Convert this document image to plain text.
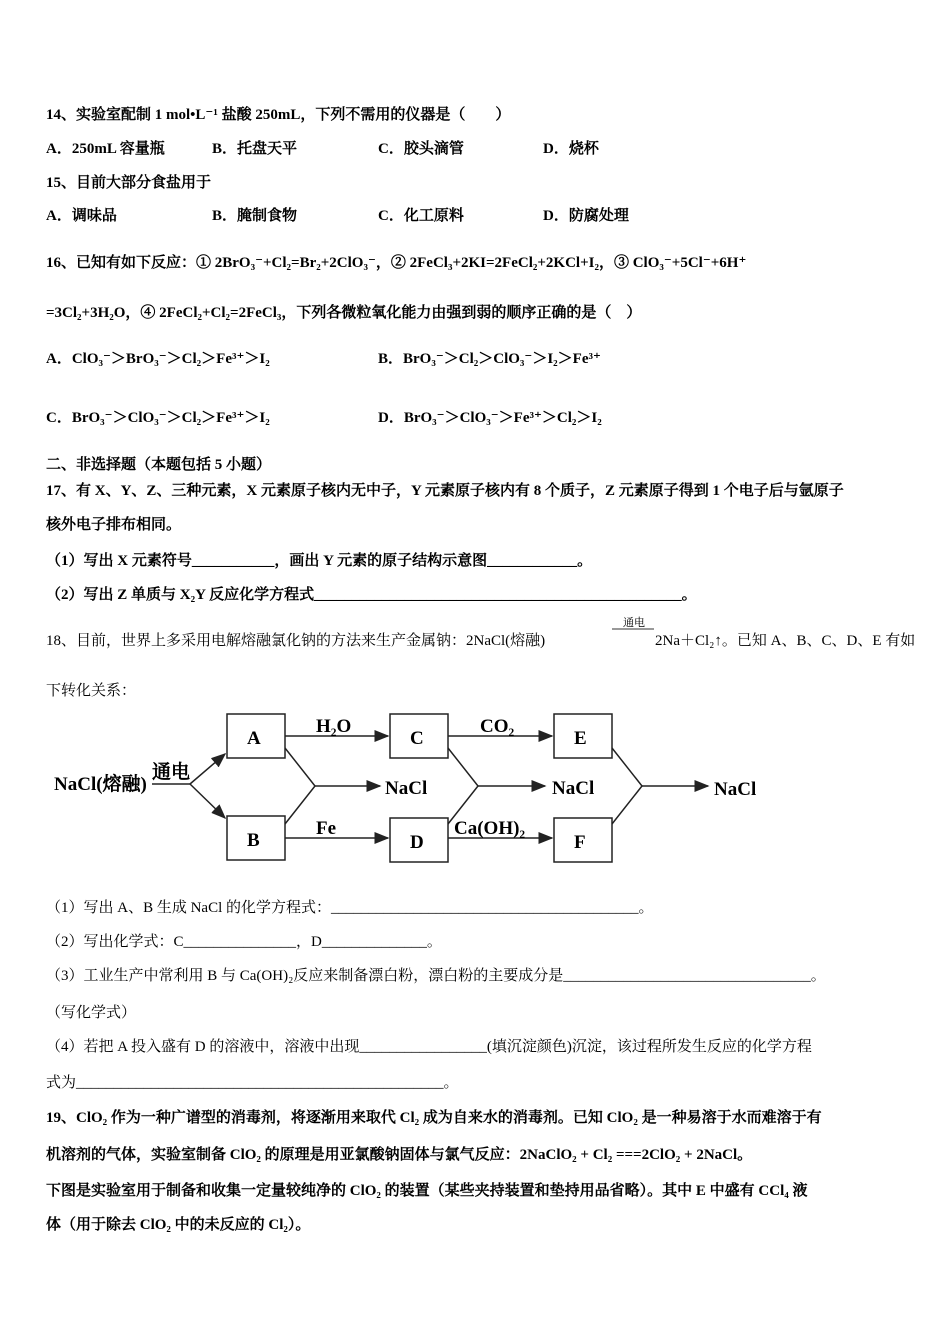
14、实验室配制 1 mol•L⁻¹ 盐酸 250mL，下列不需用的仪器是（　　）
A．250mL 容量瓶	B．托盘天平	C．胶头滴管	D．烧杯
15、目前大部分食盐用于
A．调味品	B．腌制食物	C．化工原料	D．防腐处理
16、已知有如下反应：① 2BrO₃⁻+Cl₂=Br₂+2ClO₃⁻，② 2FeCl₃+2KI=2FeCl₂+2KCl+I₂，③ ClO₃⁻+5Cl⁻+6H⁺
=3Cl₂+3H₂O，④ 2FeCl₂+Cl₂=2FeCl₃，下列各微粒氧化能力由强到弱的顺序正确的是（　）
A．ClO₃⁻＞BrO₃⁻＞Cl₂＞Fe³⁺＞I₂	B．BrO₃⁻＞Cl₂＞ClO₃⁻＞I₂＞Fe³⁺
C．BrO₃⁻＞ClO₃⁻＞Cl₂＞Fe³⁺＞I₂	D．BrO₃⁻＞ClO₃⁻＞Fe³⁺＞Cl₂＞I₂
二、非选择题（本题包括 5 小题）
17、有 X、Y、Z、三种元素，X 元素原子核内无中子，Y 元素原子核内有 8 个质子，Z 元素原子得到 1 个电子后与氩原子
核外电子排布相同。
（1）写出 X 元素符号___________，画出 Y 元素的原子结构示意图____________。
（2）写出 Z 单质与 X₂Y 反应化学方程式_________________________________________________。
18、目前，世界上多采用电解熔融氯化钠的方法来生产金属钠：2NaCl(熔融)
通电
2Na＋Cl₂↑。已知 A、B、C、D、E 有如
下转化关系：
NaCl(熔融)
通电
A	C	E
B	D	F
H₂O	CO₂
Fe	Ca(OH)₂
NaCl	NaCl	NaCl
（1）写出 A、B 生成 NaCl 的化学方程式：_________________________________________。
（2）写出化学式：C_______________，D______________。
（3）工业生产中常利用 B 与 Ca(OH)₂反应来制备漂白粉，漂白粉的主要成分是_________________________________。
（写化学式）
（4）若把 A 投入盛有 D 的溶液中，溶液中出现_________________(填沉淀颜色)沉淀，该过程所发生反应的化学方程
式为_________________________________________________。
19、ClO₂ 作为一种广谱型的消毒剂，将逐渐用来取代 Cl₂ 成为自来水的消毒剂。已知 ClO₂ 是一种易溶于水而难溶于有
机溶剂的气体，实验室制备 ClO₂ 的原理是用亚氯酸钠固体与氯气反应：2NaClO₂ + Cl₂ ===2ClO₂ + 2NaCl。
下图是实验室用于制备和收集一定量较纯净的 ClO₂ 的装置（某些夹持装置和垫持用品省略）。其中 E 中盛有 CCl₄ 液
体（用于除去 ClO₂ 中的未反应的 Cl₂）。
